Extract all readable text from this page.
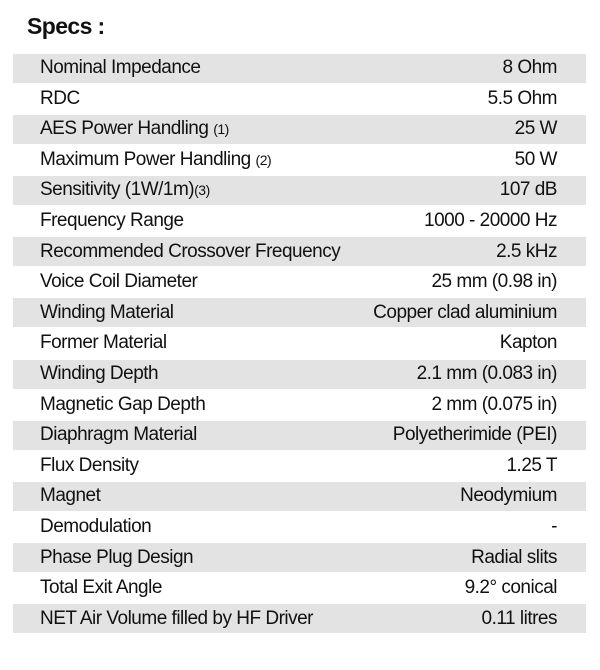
Specs :
Nominal Impedance	8 Ohm
RDC	5.5 Ohm
AES Power Handling (1)	25 W
Maximum Power Handling (2)	50 W
Sensitivity (1W/1m)(3)	107 dB
Frequency Range	1000 - 20000 Hz
Recommended Crossover Frequency	2.5 kHz
Voice Coil Diameter	25 mm (0.98 in)
Winding Material	Copper clad aluminium
Former Material	Kapton
Winding Depth	2.1 mm (0.083 in)
Magnetic Gap Depth	2 mm (0.075 in)
Diaphragm Material	Polyetherimide (PEI)
Flux Density	1.25 T
Magnet	Neodymium
Demodulation	-
Phase Plug Design	Radial slits
Total Exit Angle	9.2° conical
NET Air Volume filled by HF Driver	0.11 litres
